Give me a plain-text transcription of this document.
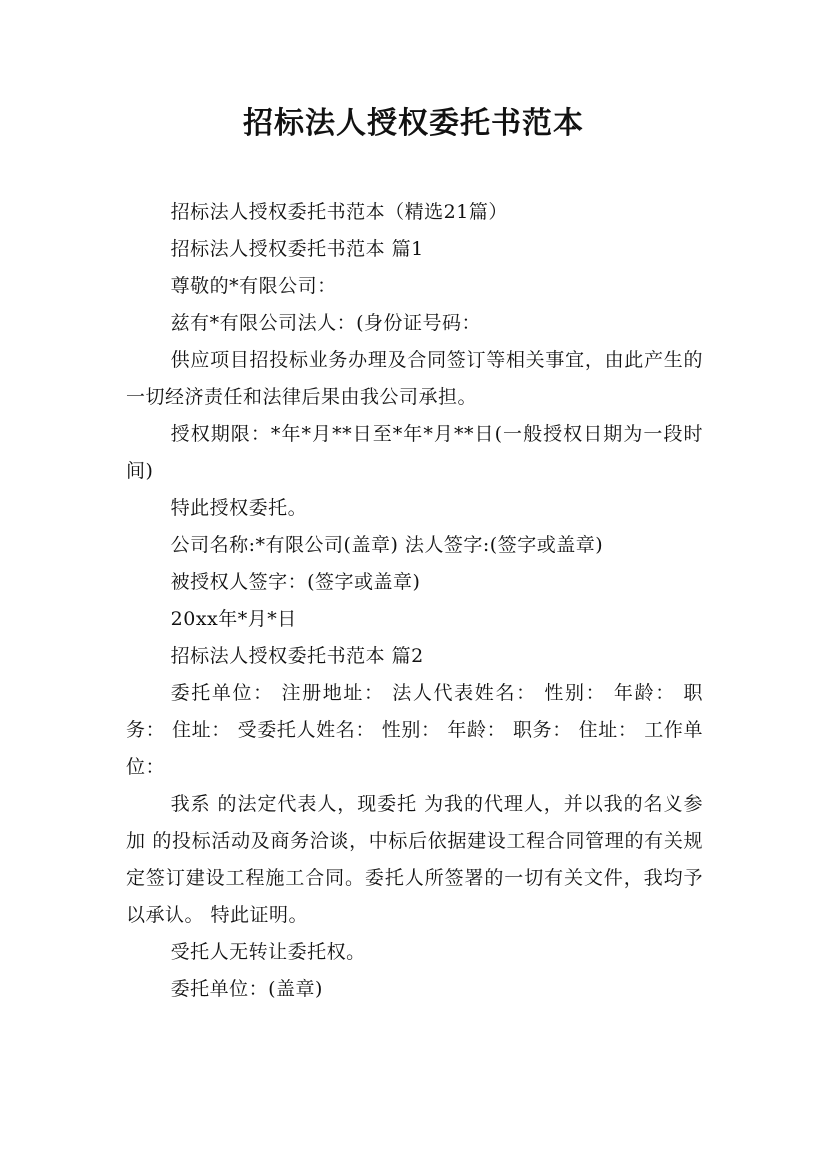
招标法人授权委托书范本

招标法人授权委托书范本（精选21篇）

招标法人授权委托书范本 篇1

尊敬的*有限公司：

兹有*有限公司法人：(身份证号码：

供应项目招投标业务办理及合同签订等相关事宜，由此产生的一切经济责任和法律后果由我公司承担。

授权期限：*年*月**日至*年*月**日(一般授权日期为一段时间)

特此授权委托。

公司名称:*有限公司(盖章) 法人签字:(签字或盖章)

被授权人签字：(签字或盖章)

20xx年*月*日

招标法人授权委托书范本 篇2

委托单位： 注册地址： 法人代表姓名： 性别： 年龄： 职务： 住址： 受委托人姓名： 性别： 年龄： 职务： 住址： 工作单位：

我系 的法定代表人，现委托 为我的代理人，并以我的名义参加 的投标活动及商务洽谈，中标后依据建设工程合同管理的有关规定签订建设工程施工合同。委托人所签署的一切有关文件，我均予以承认。 特此证明。

受托人无转让委托权。

委托单位：(盖章)
